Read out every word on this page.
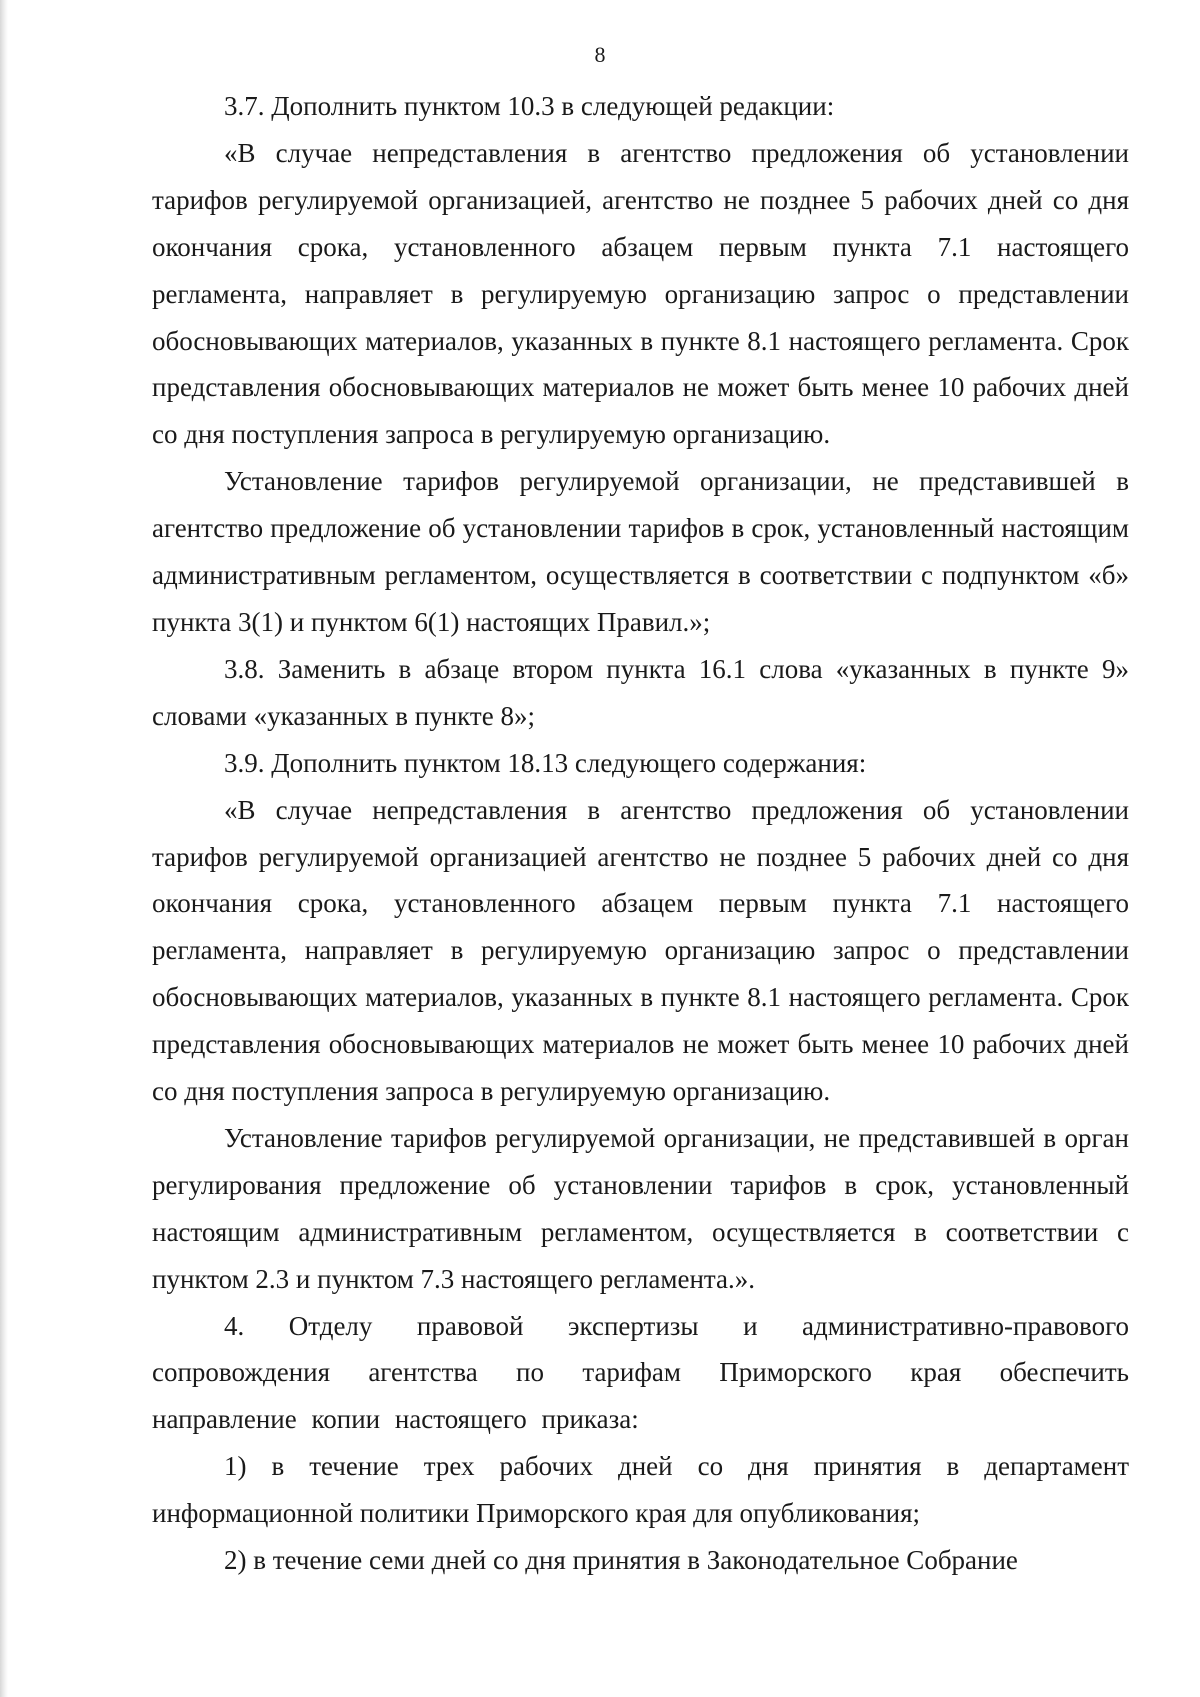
8

3.7. Дополнить пунктом 10.3 в следующей редакции:

«В случае непредставления в агентство предложения об установлении тарифов регулируемой организацией, агентство не позднее 5 рабочих дней со дня окончания срока, установленного абзацем первым пункта 7.1 настоящего регламента, направляет в регулируемую организацию запрос о представлении обосновывающих материалов, указанных в пункте 8.1 настоящего регламента. Срок представления обосновывающих материалов не может быть менее 10 рабочих дней со дня поступления запроса в регулируемую организацию.

Установление тарифов регулируемой организации, не представившей в агентство предложение об установлении тарифов в срок, установленный настоящим административным регламентом, осуществляется в соответствии с подпунктом «б» пункта 3(1) и пунктом 6(1) настоящих Правил.»;

3.8. Заменить в абзаце втором пункта 16.1 слова «указанных в пункте 9» словами «указанных в пункте 8»;

3.9. Дополнить пунктом 18.13 следующего содержания:

«В случае непредставления в агентство предложения об установлении тарифов регулируемой организацией агентство не позднее 5 рабочих дней со дня окончания срока, установленного абзацем первым пункта 7.1 настоящего регламента, направляет в регулируемую организацию запрос о представлении обосновывающих материалов, указанных в пункте 8.1 настоящего регламента. Срок представления обосновывающих материалов не может быть менее 10 рабочих дней со дня поступления запроса в регулируемую организацию.

Установление тарифов регулируемой организации, не представившей в орган регулирования предложение об установлении тарифов в срок, установленный настоящим административным регламентом, осуществляется в соответствии с пунктом 2.3 и пунктом 7.3 настоящего регламента.».

4. Отделу правовой экспертизы и административно-правового сопровождения агентства по тарифам Приморского края обеспечить направление копии настоящего приказа:

1) в течение трех рабочих дней со дня принятия в департамент информационной политики Приморского края для опубликования;

2) в течение семи дней со дня принятия в Законодательное Собрание
